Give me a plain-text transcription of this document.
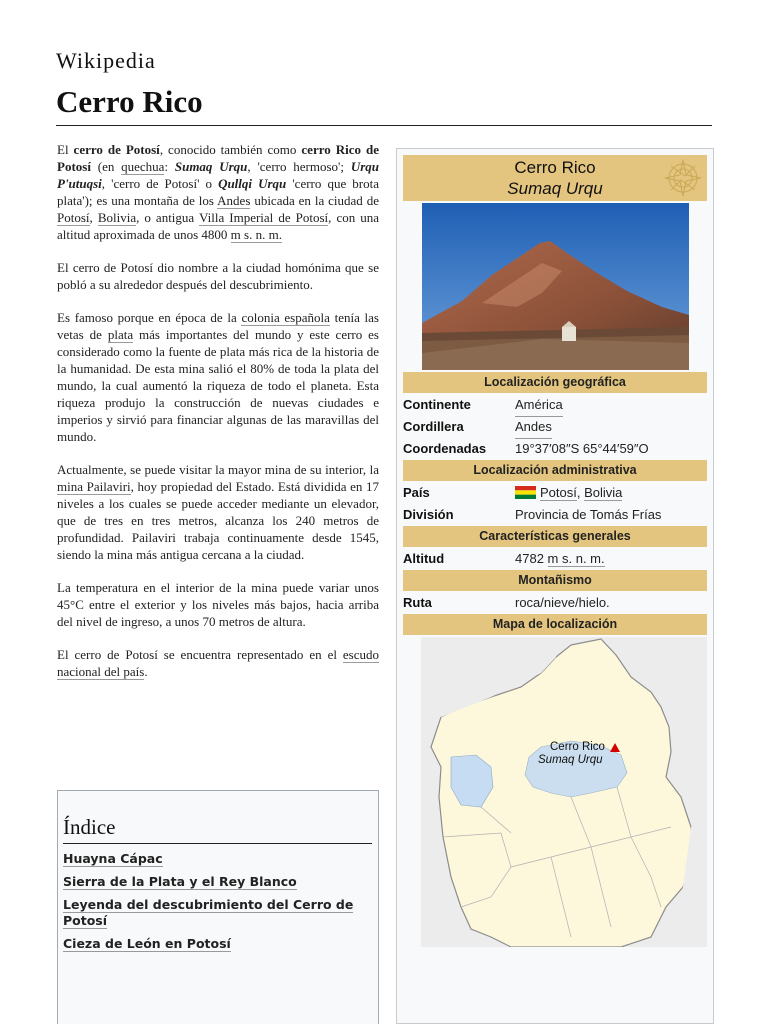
Wikipedia
Cerro Rico

El cerro de Potosí, conocido también como cerro Rico de Potosí (en quechua: Sumaq Urqu, 'cerro hermoso'; Urqu P'utuqsi, 'cerro de Potosí' o Qullqi Urqu 'cerro que brota plata'); es una montaña de los Andes ubicada en la ciudad de Potosí, Bolivia, o antigua Villa Imperial de Potosí, con una altitud aproximada de unos 4800 m s. n. m.

El cerro de Potosí dio nombre a la ciudad homónima que se pobló a su alrededor después del descubrimiento.

Es famoso porque en época de la colonia española tenía las vetas de plata más importantes del mundo y este cerro es considerado como la fuente de plata más rica de la historia de la humanidad. De esta mina salió el 80% de toda la plata del mundo, la cual aumentó la riqueza de todo el planeta. Esta riqueza produjo la construcción de nuevas ciudades e imperios y sirvió para financiar algunas de las maravillas del mundo.

Actualmente, se puede visitar la mayor mina de su interior, la mina Pailaviri, hoy propiedad del Estado. Está dividida en 17 niveles a los cuales se puede acceder mediante un elevador, que de tres en tres metros, alcanza los 240 metros de profundidad. Pailaviri trabaja continuamente desde 1545, siendo la mina más antigua cercana a la ciudad.

La temperatura en el interior de la mina puede variar unos 45°C entre el exterior y los niveles más bajos, hacia arriba del nivel de ingreso, a unos 70 metros de altura.

El cerro de Potosí se encuentra representado en el escudo nacional del país.

Índice
Huayna Cápac
Sierra de la Plata y el Rey Blanco
Leyenda del descubrimiento del Cerro de Potosí
Cieza de León en Potosí
Cerro Rico
Sumaq Urqu
Localización geográfica
Continente	América
Cordillera	Andes
Coordenadas 19°37′08″S 65°44′59″O
Localización administrativa
País	Potosí, Bolivia
División	Provincia de Tomás Frías
Características generales
Altitud	4782 m s. n. m.
Montañismo
Ruta	roca/nieve/hielo.
Mapa de localización
Cerro Rico
Sumaq Urqu
